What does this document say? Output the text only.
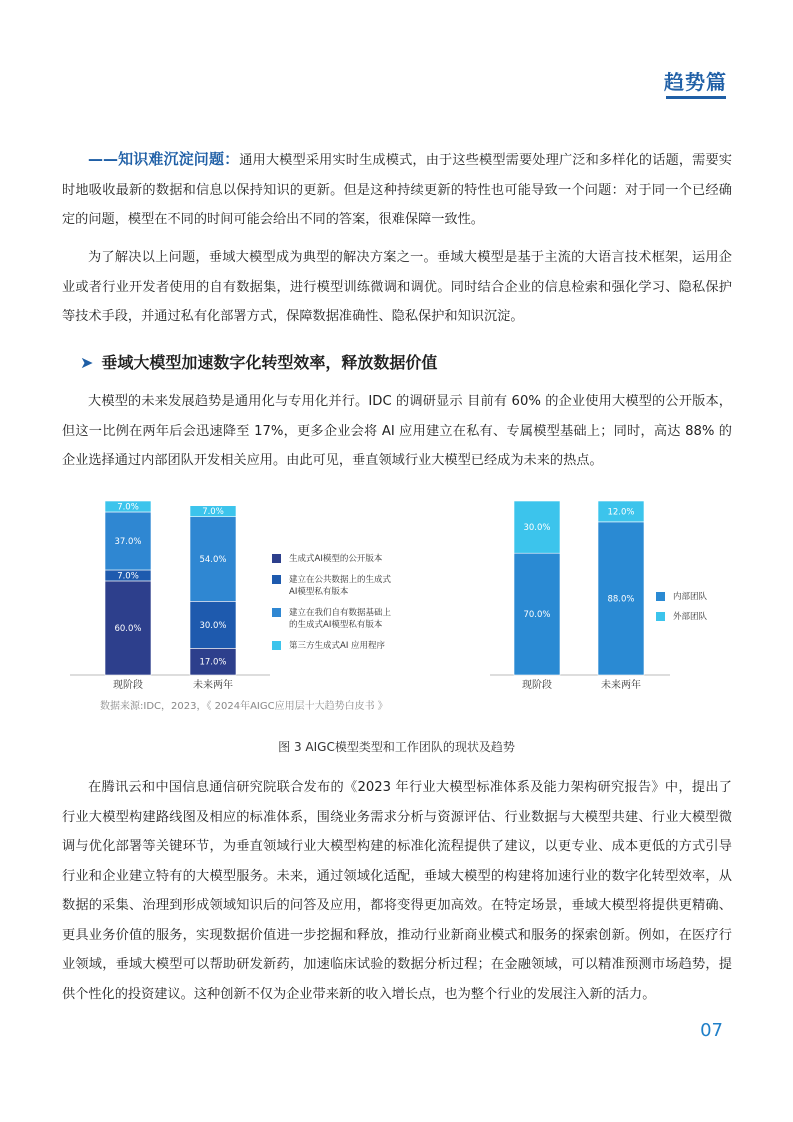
趋势篇

——知识难沉淀问题：通用大模型采用实时生成模式，由于这些模型需要处理广泛和多样化的话题，需要实时地吸收最新的数据和信息以保持知识的更新。但是这种持续更新的特性也可能导致一个问题：对于同一个已经确定的问题，模型在不同的时间可能会给出不同的答案，很难保障一致性。

为了解决以上问题，垂域大模型成为典型的解决方案之一。垂域大模型是基于主流的大语言技术框架，运用企业或者行业开发者使用的自有数据集，进行模型训练微调和调优。同时结合企业的信息检索和强化学习、隐私保护等技术手段，并通过私有化部署方式，保障数据准确性、隐私保护和知识沉淀。

➤ 垂域大模型加速数字化转型效率，释放数据价值

大模型的未来发展趋势是通用化与专用化并行。IDC 的调研显示 目前有 60% 的企业使用大模型的公开版本，但这一比例在两年后会迅速降至 17%，更多企业会将 AI 应用建立在私有、专属模型基础上；同时，高达 88% 的企业选择通过内部团队开发相关应用。由此可见，垂直领域行业大模型已经成为未来的热点。

60.0%
7.0%
37.0%
7.0%
现阶段
17.0%
30.0%
54.0%
7.0%
未来两年
生成式AI模型的公开版本
建立在公共数据上的生成式AI模型私有版本
建立在我们自有数据基础上的生成式AI模型私有版本
第三方生成式AI 应用程序
70.0%
30.0%
现阶段
88.0%
12.0%
未来两年
内部团队
外部团队
数据来源:IDC，2023，《 2024年AIGC应用层十大趋势白皮书 》
图 3 AIGC模型类型和工作团队的现状及趋势

在腾讯云和中国信息通信研究院联合发布的《2023 年行业大模型标准体系及能力架构研究报告》中，提出了行业大模型构建路线图及相应的标准体系，围绕业务需求分析与资源评估、行业数据与大模型共建、行业大模型微调与优化部署等关键环节，为垂直领域行业大模型构建的标准化流程提供了建议，以更专业、成本更低的方式引导行业和企业建立特有的大模型服务。未来，通过领域化适配，垂域大模型的构建将加速行业的数字化转型效率，从数据的采集、治理到形成领域知识后的问答及应用，都将变得更加高效。在特定场景，垂域大模型将提供更精确、更具业务价值的服务，实现数据价值进一步挖掘和释放，推动行业新商业模式和服务的探索创新。例如，在医疗行业领域，垂域大模型可以帮助研发新药，加速临床试验的数据分析过程；在金融领域，可以精准预测市场趋势，提供个性化的投资建议。这种创新不仅为企业带来新的收入增长点，也为整个行业的发展注入新的活力。

07
